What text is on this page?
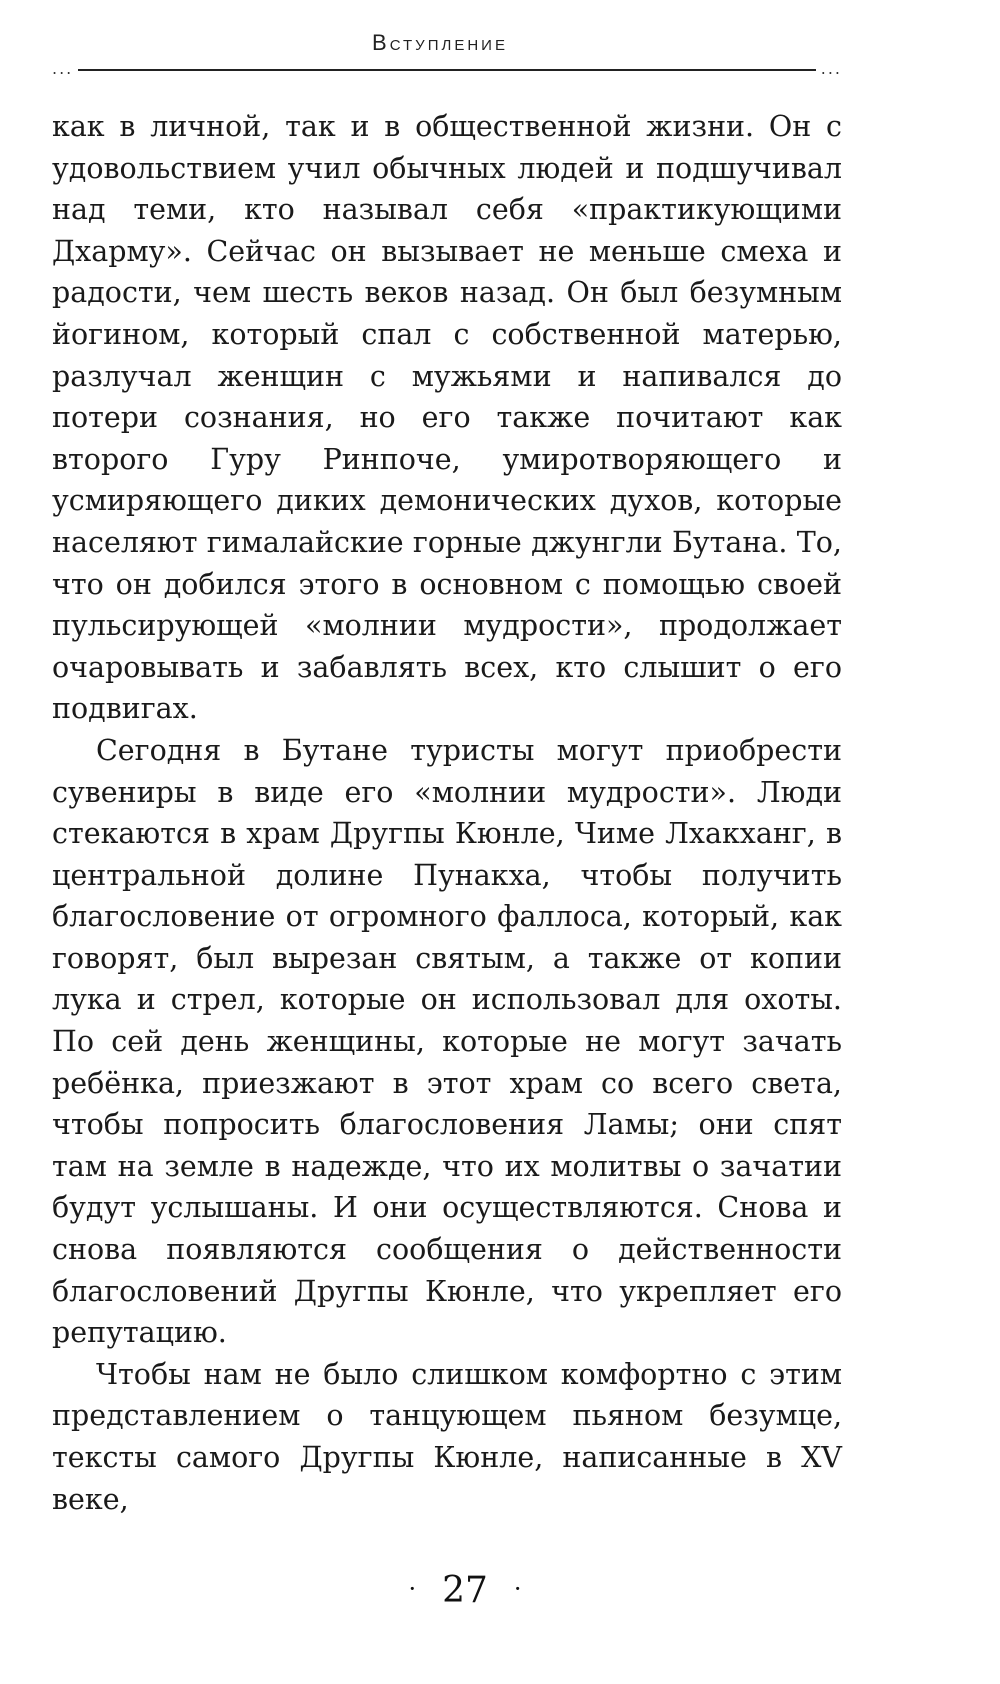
Вступление
...	...

как в личной, так и в общественной жизни. Он с удовольствием учил обычных людей и подшучивал над теми, кто называл себя «практикующими Дхарму». Сейчас он вызывает не меньше смеха и радости, чем шесть веков назад. Он был безумным йогином, который спал с собственной матерью, разлучал женщин с мужьями и напивался до потери сознания, но его также почитают как второго Гуру Ринпоче, умиротворяющего и усмиряющего диких демонических духов, которые населяют гималайские горные джунгли Бутана. То, что он добился этого в основном с помощью своей пульсирующей «молнии мудрости», продолжает очаровывать и забавлять всех, кто слышит о его подвигах.

Сегодня в Бутане туристы могут приобрести сувениры в виде его «молнии мудрости». Люди стекаются в храм Другпы Кюнле, Чиме Лхакханг, в центральной долине Пунакха, чтобы получить благословение от огромного фаллоса, который, как говорят, был вырезан святым, а также от копии лука и стрел, которые он использовал для охоты. По сей день женщины, которые не могут зачать ребёнка, приезжают в этот храм со всего света, чтобы попросить благословения Ламы; они спят там на земле в надежде, что их молитвы о зачатии будут услышаны. И они осуществляются. Снова и снова появляются сообщения о действенности благословений Другпы Кюнле, что укрепляет его репутацию.

Чтобы нам не было слишком комфортно с этим представлением о танцующем пьяном безумце, тексты самого Другпы Кюнле, написанные в XV веке,

· 27 ·
